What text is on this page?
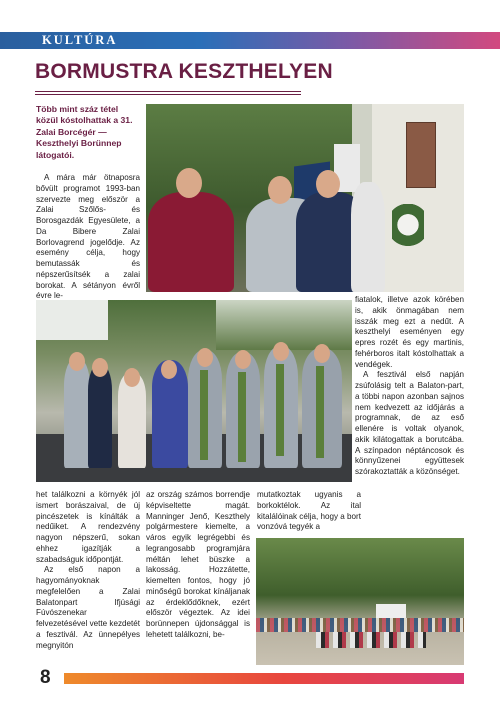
KULTÚRA
BORMUSTRA KESZTHELYEN
Több mint száz tétel közül kóstolhattak a 31. Zalai Borcégér — Keszthelyi Borünnep látogatói.

A mára már ötnaposra bővült programot 1993-ban szervezte meg először a Zalai Szőlős- és Borosgazdák Egyesülete, a Da Bibere Zalai Borlovagrend jogelődje. Az esemény célja, hogy bemutassák és népszerűsítsék a zalai borokat. A sétányon évről évre le-	fiatalok, illetve azok körében is, akik önmagában nem isszák meg ezt a nedűt. A keszthelyi eseményen egy epres rozét és egy martinis, fehérboros italt kóstolhattak a vendégek.

A fesztivál első napján zsúfolásig telt a Balaton-part, a többi napon azonban sajnos nem kedvezett az időjárás a programnak, de az eső ellenére is voltak olyanok, akik kilátogattak a borutcába. A színpadon néptáncosok és könnyűzenei együttesek szórakoztatták a közönséget.

het találkozni a környék jól ismert borászaival, de új pincészetek is kínálták a nedűiket. A rendezvény nagyon népszerű, sokan ehhez igazítják a szabadságuk időpontját.

Az első napon a hagyományoknak megfelelően a Zalai Balatonpart Ifjúsági Fúvószenekar felvezetésével vette kezdetét a fesztivál. Az ünnepélyes megnyitón

az ország számos borrendje képviseltette magát. Manninger Jenő, Keszthely polgármestere kiemelte, a város egyik legrégebbi és legrangosabb programjára méltán lehet büszke a lakosság. Hozzátette, kiemelten fontos, hogy jó minőségű borokat kínáljanak az érdeklődőknek, ezért először végeztek. Az idei borünnepen újdonsággal is lehetett találkozni, be-

mutatkoztak ugyanis a borkoktélok. Az ital kitalálóinak célja, hogy a bort vonzóvá tegyék a

8
